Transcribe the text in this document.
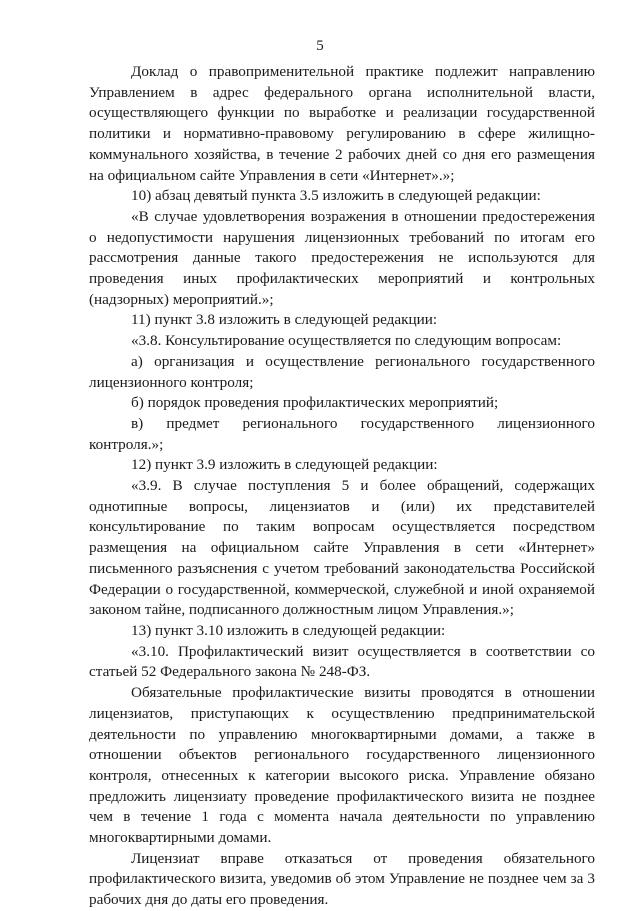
5

Доклад о правоприменительной практике подлежит направлению Управлением в адрес федерального органа исполнительной власти, осуществляющего функции по выработке и реализации государственной политики и нормативно-правовому регулированию в сфере жилищно-коммунального хозяйства, в течение 2 рабочих дней со дня его размещения на официальном сайте Управления в сети «Интернет».»;

10) абзац девятый пункта 3.5 изложить в следующей редакции:

«В случае удовлетворения возражения в отношении предостережения о недопустимости нарушения лицензионных требований по итогам его рассмотрения данные такого предостережения не используются для проведения иных профилактических мероприятий и контрольных (надзорных) мероприятий.»;

11) пункт 3.8 изложить в следующей редакции:

«3.8. Консультирование осуществляется по следующим вопросам:

а) организация и осуществление регионального государственного лицензионного контроля;

б) порядок проведения профилактических мероприятий;

в) предмет регионального государственного лицензионного контроля.»;

12) пункт 3.9 изложить в следующей редакции:

«3.9. В случае поступления 5 и более обращений, содержащих однотипные вопросы, лицензиатов и (или) их представителей консультирование по таким вопросам осуществляется посредством размещения на официальном сайте Управления в сети «Интернет» письменного разъяснения с учетом требований законодательства Российской Федерации о государственной, коммерческой, служебной и иной охраняемой законом тайне, подписанного должностным лицом Управления.»;

13) пункт 3.10 изложить в следующей редакции:

«3.10. Профилактический визит осуществляется в соответствии со статьей 52 Федерального закона № 248-ФЗ.

Обязательные профилактические визиты проводятся в отношении лицензиатов, приступающих к осуществлению предпринимательской деятельности по управлению многоквартирными домами, а также в отношении объектов регионального государственного лицензионного контроля, отнесенных к категории высокого риска. Управление обязано предложить лицензиату проведение профилактического визита не позднее чем в течение 1 года с момента начала деятельности по управлению многоквартирными домами.

Лицензиат вправе отказаться от проведения обязательного профилактического визита, уведомив об этом Управление не позднее чем за 3 рабочих дня до даты его проведения.
